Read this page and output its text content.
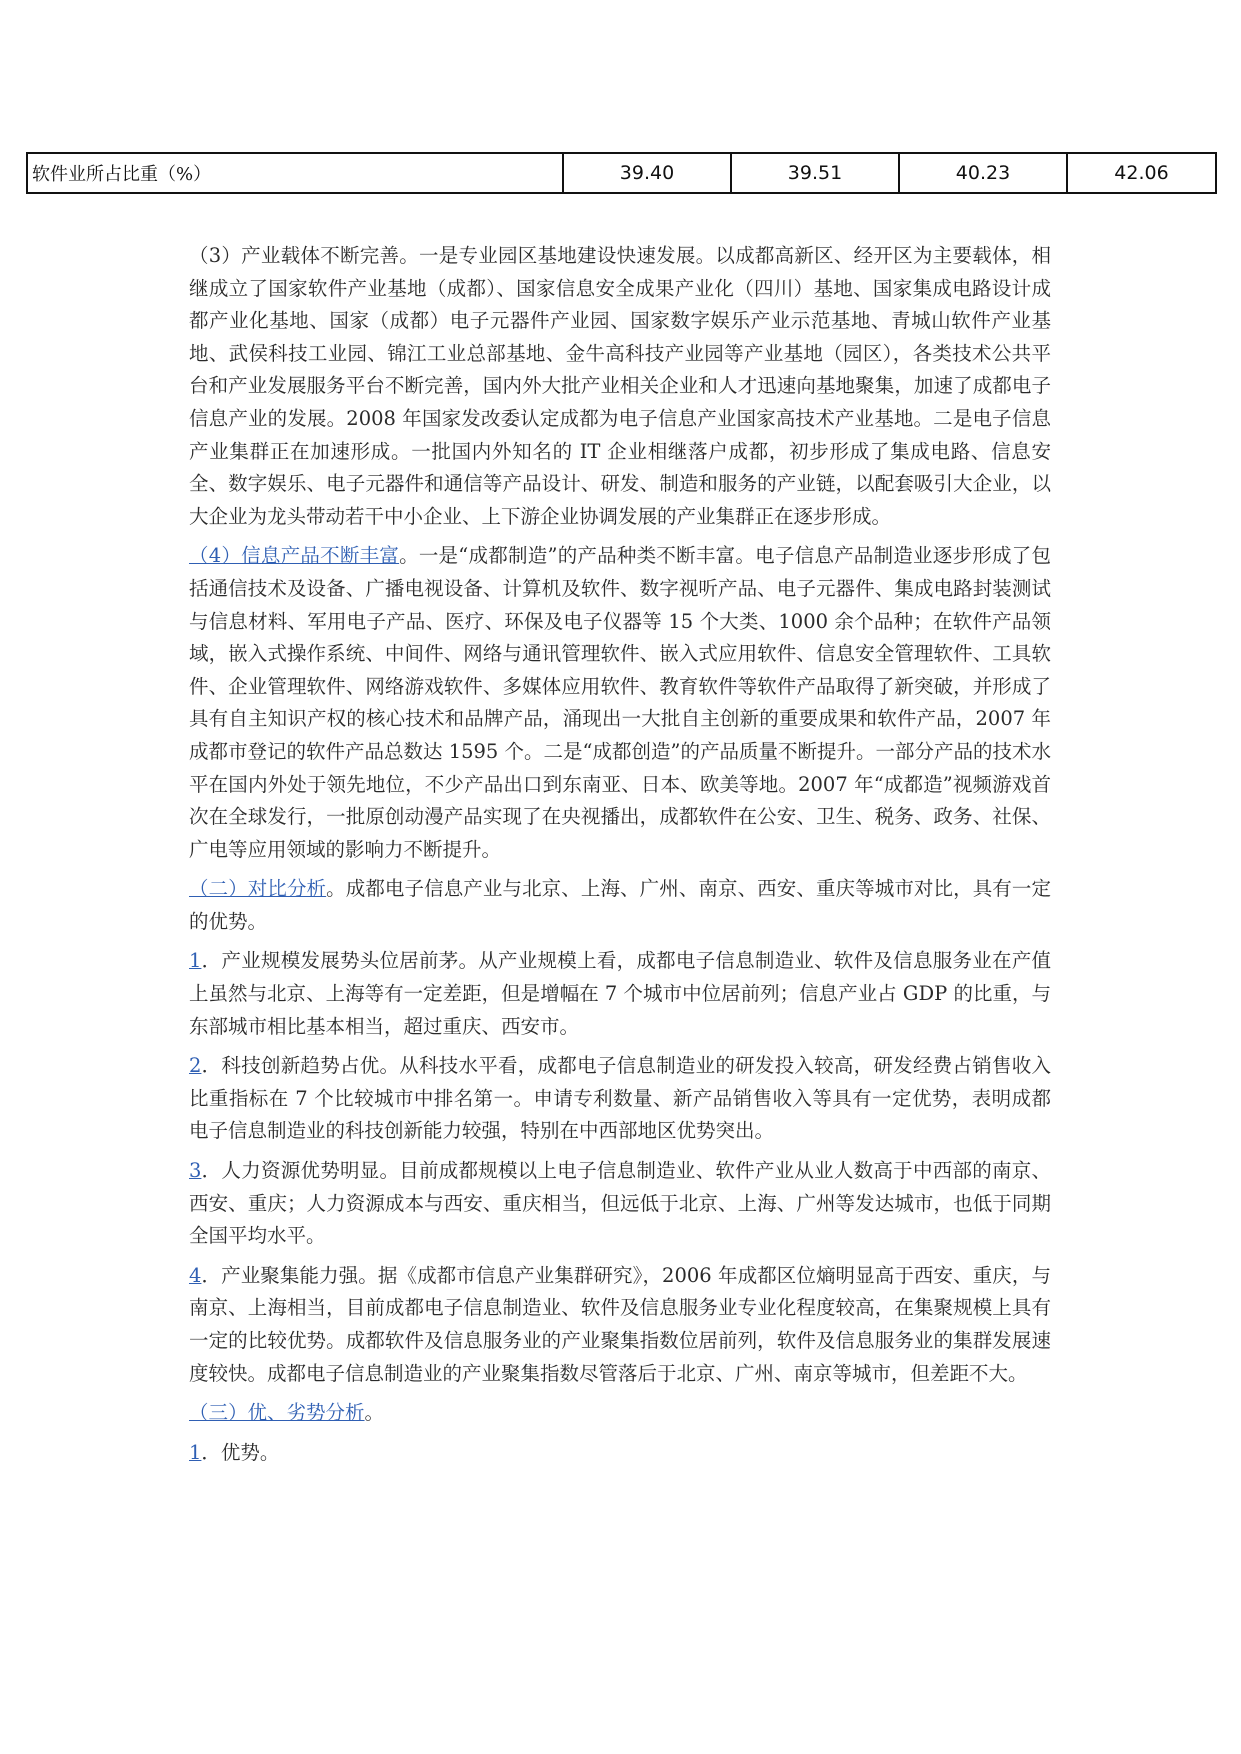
软件业所占比重（%）	39.40	39.51	40.23	42.06

（3）产业载体不断完善。一是专业园区基地建设快速发展。以成都高新区、经开区为主要载体，相继成立了国家软件产业基地（成都）、国家信息安全成果产业化（四川）基地、国家集成电路设计成都产业化基地、国家（成都）电子元器件产业园、国家数字娱乐产业示范基地、青城山软件产业基地、武侯科技工业园、锦江工业总部基地、金牛高科技产业园等产业基地（园区），各类技术公共平台和产业发展服务平台不断完善，国内外大批产业相关企业和人才迅速向基地聚集，加速了成都电子信息产业的发展。2008 年国家发改委认定成都为电子信息产业国家高技术产业基地。二是电子信息产业集群正在加速形成。一批国内外知名的 IT 企业相继落户成都，初步形成了集成电路、信息安全、数字娱乐、电子元器件和通信等产品设计、研发、制造和服务的产业链，以配套吸引大企业，以大企业为龙头带动若干中小企业、上下游企业协调发展的产业集群正在逐步形成。

（4）信息产品不断丰富。一是“成都制造”的产品种类不断丰富。电子信息产品制造业逐步形成了包括通信技术及设备、广播电视设备、计算机及软件、数字视听产品、电子元器件、集成电路封装测试与信息材料、军用电子产品、医疗、环保及电子仪器等 15 个大类、1000 余个品种；在软件产品领域，嵌入式操作系统、中间件、网络与通讯管理软件、嵌入式应用软件、信息安全管理软件、工具软件、企业管理软件、网络游戏软件、多媒体应用软件、教育软件等软件产品取得了新突破，并形成了具有自主知识产权的核心技术和品牌产品，涌现出一大批自主创新的重要成果和软件产品，2007 年成都市登记的软件产品总数达 1595 个。二是“成都创造”的产品质量不断提升。一部分产品的技术水平在国内外处于领先地位，不少产品出口到东南亚、日本、欧美等地。2007 年“成都造”视频游戏首次在全球发行，一批原创动漫产品实现了在央视播出，成都软件在公安、卫生、税务、政务、社保、广电等应用领域的影响力不断提升。

（二）对比分析。成都电子信息产业与北京、上海、广州、南京、西安、重庆等城市对比，具有一定的优势。

1．产业规模发展势头位居前茅。从产业规模上看，成都电子信息制造业、软件及信息服务业在产值上虽然与北京、上海等有一定差距，但是增幅在 7 个城市中位居前列；信息产业占 GDP 的比重，与东部城市相比基本相当，超过重庆、西安市。

2．科技创新趋势占优。从科技水平看，成都电子信息制造业的研发投入较高，研发经费占销售收入比重指标在 7 个比较城市中排名第一。申请专利数量、新产品销售收入等具有一定优势，表明成都电子信息制造业的科技创新能力较强，特别在中西部地区优势突出。

3．人力资源优势明显。目前成都规模以上电子信息制造业、软件产业从业人数高于中西部的南京、西安、重庆；人力资源成本与西安、重庆相当，但远低于北京、上海、广州等发达城市，也低于同期全国平均水平。

4．产业聚集能力强。据《成都市信息产业集群研究》，2006 年成都区位熵明显高于西安、重庆，与南京、上海相当，目前成都电子信息制造业、软件及信息服务业专业化程度较高，在集聚规模上具有一定的比较优势。成都软件及信息服务业的产业聚集指数位居前列，软件及信息服务业的集群发展速度较快。成都电子信息制造业的产业聚集指数尽管落后于北京、广州、南京等城市，但差距不大。

（三）优、劣势分析。

1．优势。
